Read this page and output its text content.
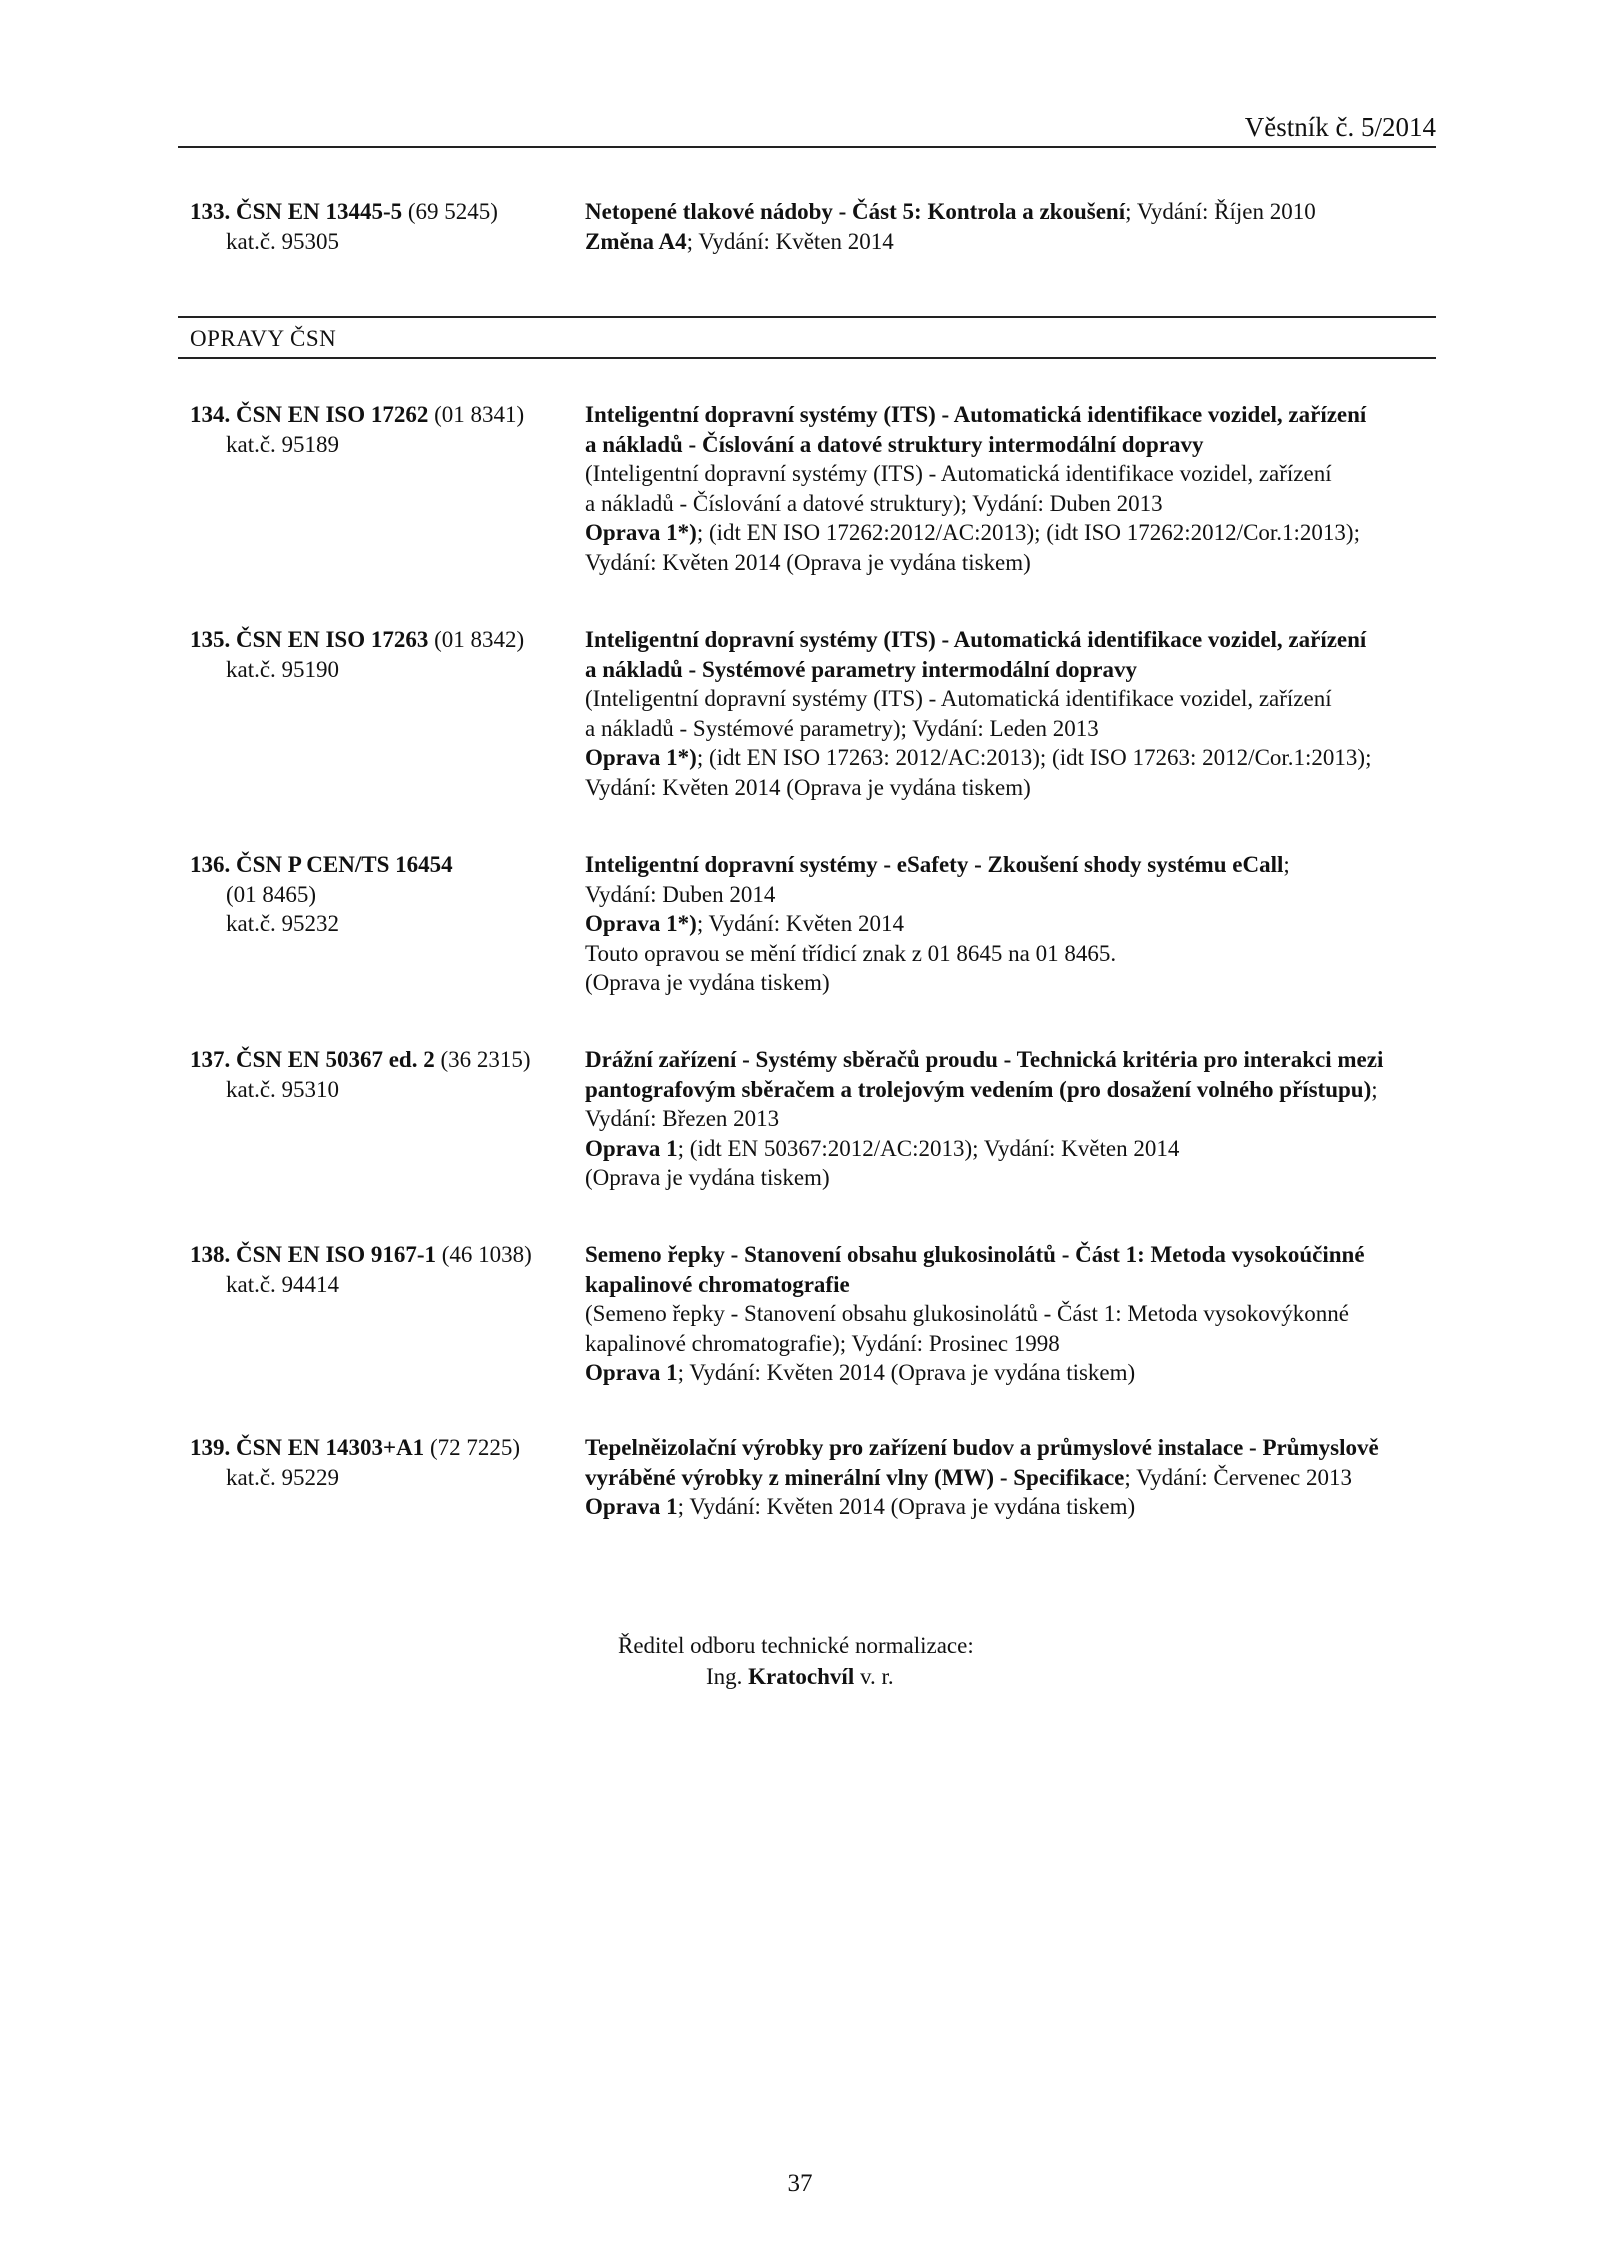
Věstník č. 5/2014
133. ČSN EN 13445-5 (69 5245)
kat.č. 95305
Netopené tlakové nádoby - Část 5: Kontrola a zkoušení; Vydání: Říjen 2010
Změna A4; Vydání: Květen 2014
OPRAVY ČSN
134. ČSN EN ISO 17262 (01 8341)
kat.č. 95189
Inteligentní dopravní systémy (ITS) - Automatická identifikace vozidel, zařízení
a nákladů - Číslování a datové struktury intermodální dopravy
(Inteligentní dopravní systémy (ITS) - Automatická identifikace vozidel, zařízení
a nákladů - Číslování a datové struktury); Vydání: Duben 2013
Oprava 1*); (idt EN ISO 17262:2012/AC:2013); (idt ISO 17262:2012/Cor.1:2013);
Vydání: Květen 2014 (Oprava je vydána tiskem)
135. ČSN EN ISO 17263 (01 8342)
kat.č. 95190
Inteligentní dopravní systémy (ITS) - Automatická identifikace vozidel, zařízení
a nákladů - Systémové parametry intermodální dopravy
(Inteligentní dopravní systémy (ITS) - Automatická identifikace vozidel, zařízení
a nákladů - Systémové parametry); Vydání: Leden 2013
Oprava 1*); (idt EN ISO 17263: 2012/AC:2013); (idt ISO 17263: 2012/Cor.1:2013);
Vydání: Květen 2014 (Oprava je vydána tiskem)
136. ČSN P CEN/TS 16454
(01 8465)
kat.č. 95232
Inteligentní dopravní systémy - eSafety - Zkoušení shody systému eCall;
Vydání: Duben 2014
Oprava 1*); Vydání: Květen 2014
Touto opravou se mění třídicí znak z 01 8645 na 01 8465.
(Oprava je vydána tiskem)
137. ČSN EN 50367 ed. 2 (36 2315)
kat.č. 95310
Drážní zařízení - Systémy sběračů proudu - Technická kritéria pro interakci mezi
pantografovým sběračem a trolejovým vedením (pro dosažení volného přístupu);
Vydání: Březen 2013
Oprava 1; (idt EN 50367:2012/AC:2013); Vydání: Květen 2014
(Oprava je vydána tiskem)
138. ČSN EN ISO 9167-1 (46 1038)
kat.č. 94414
Semeno řepky - Stanovení obsahu glukosinolátů - Část 1: Metoda vysokoúčinné
kapalinové chromatografie
(Semeno řepky - Stanovení obsahu glukosinolátů - Část 1: Metoda vysokovýkonné
kapalinové chromatografie); Vydání: Prosinec 1998
Oprava 1; Vydání: Květen 2014 (Oprava je vydána tiskem)
139. ČSN EN 14303+A1 (72 7225)
kat.č. 95229
Tepelněizolační výrobky pro zařízení budov a průmyslové instalace - Průmyslově
vyráběné výrobky z minerální vlny (MW) - Specifikace; Vydání: Červenec 2013
Oprava 1; Vydání: Květen 2014 (Oprava je vydána tiskem)
Ředitel odboru technické normalizace:
Ing. Kratochvíl v. r.
37
